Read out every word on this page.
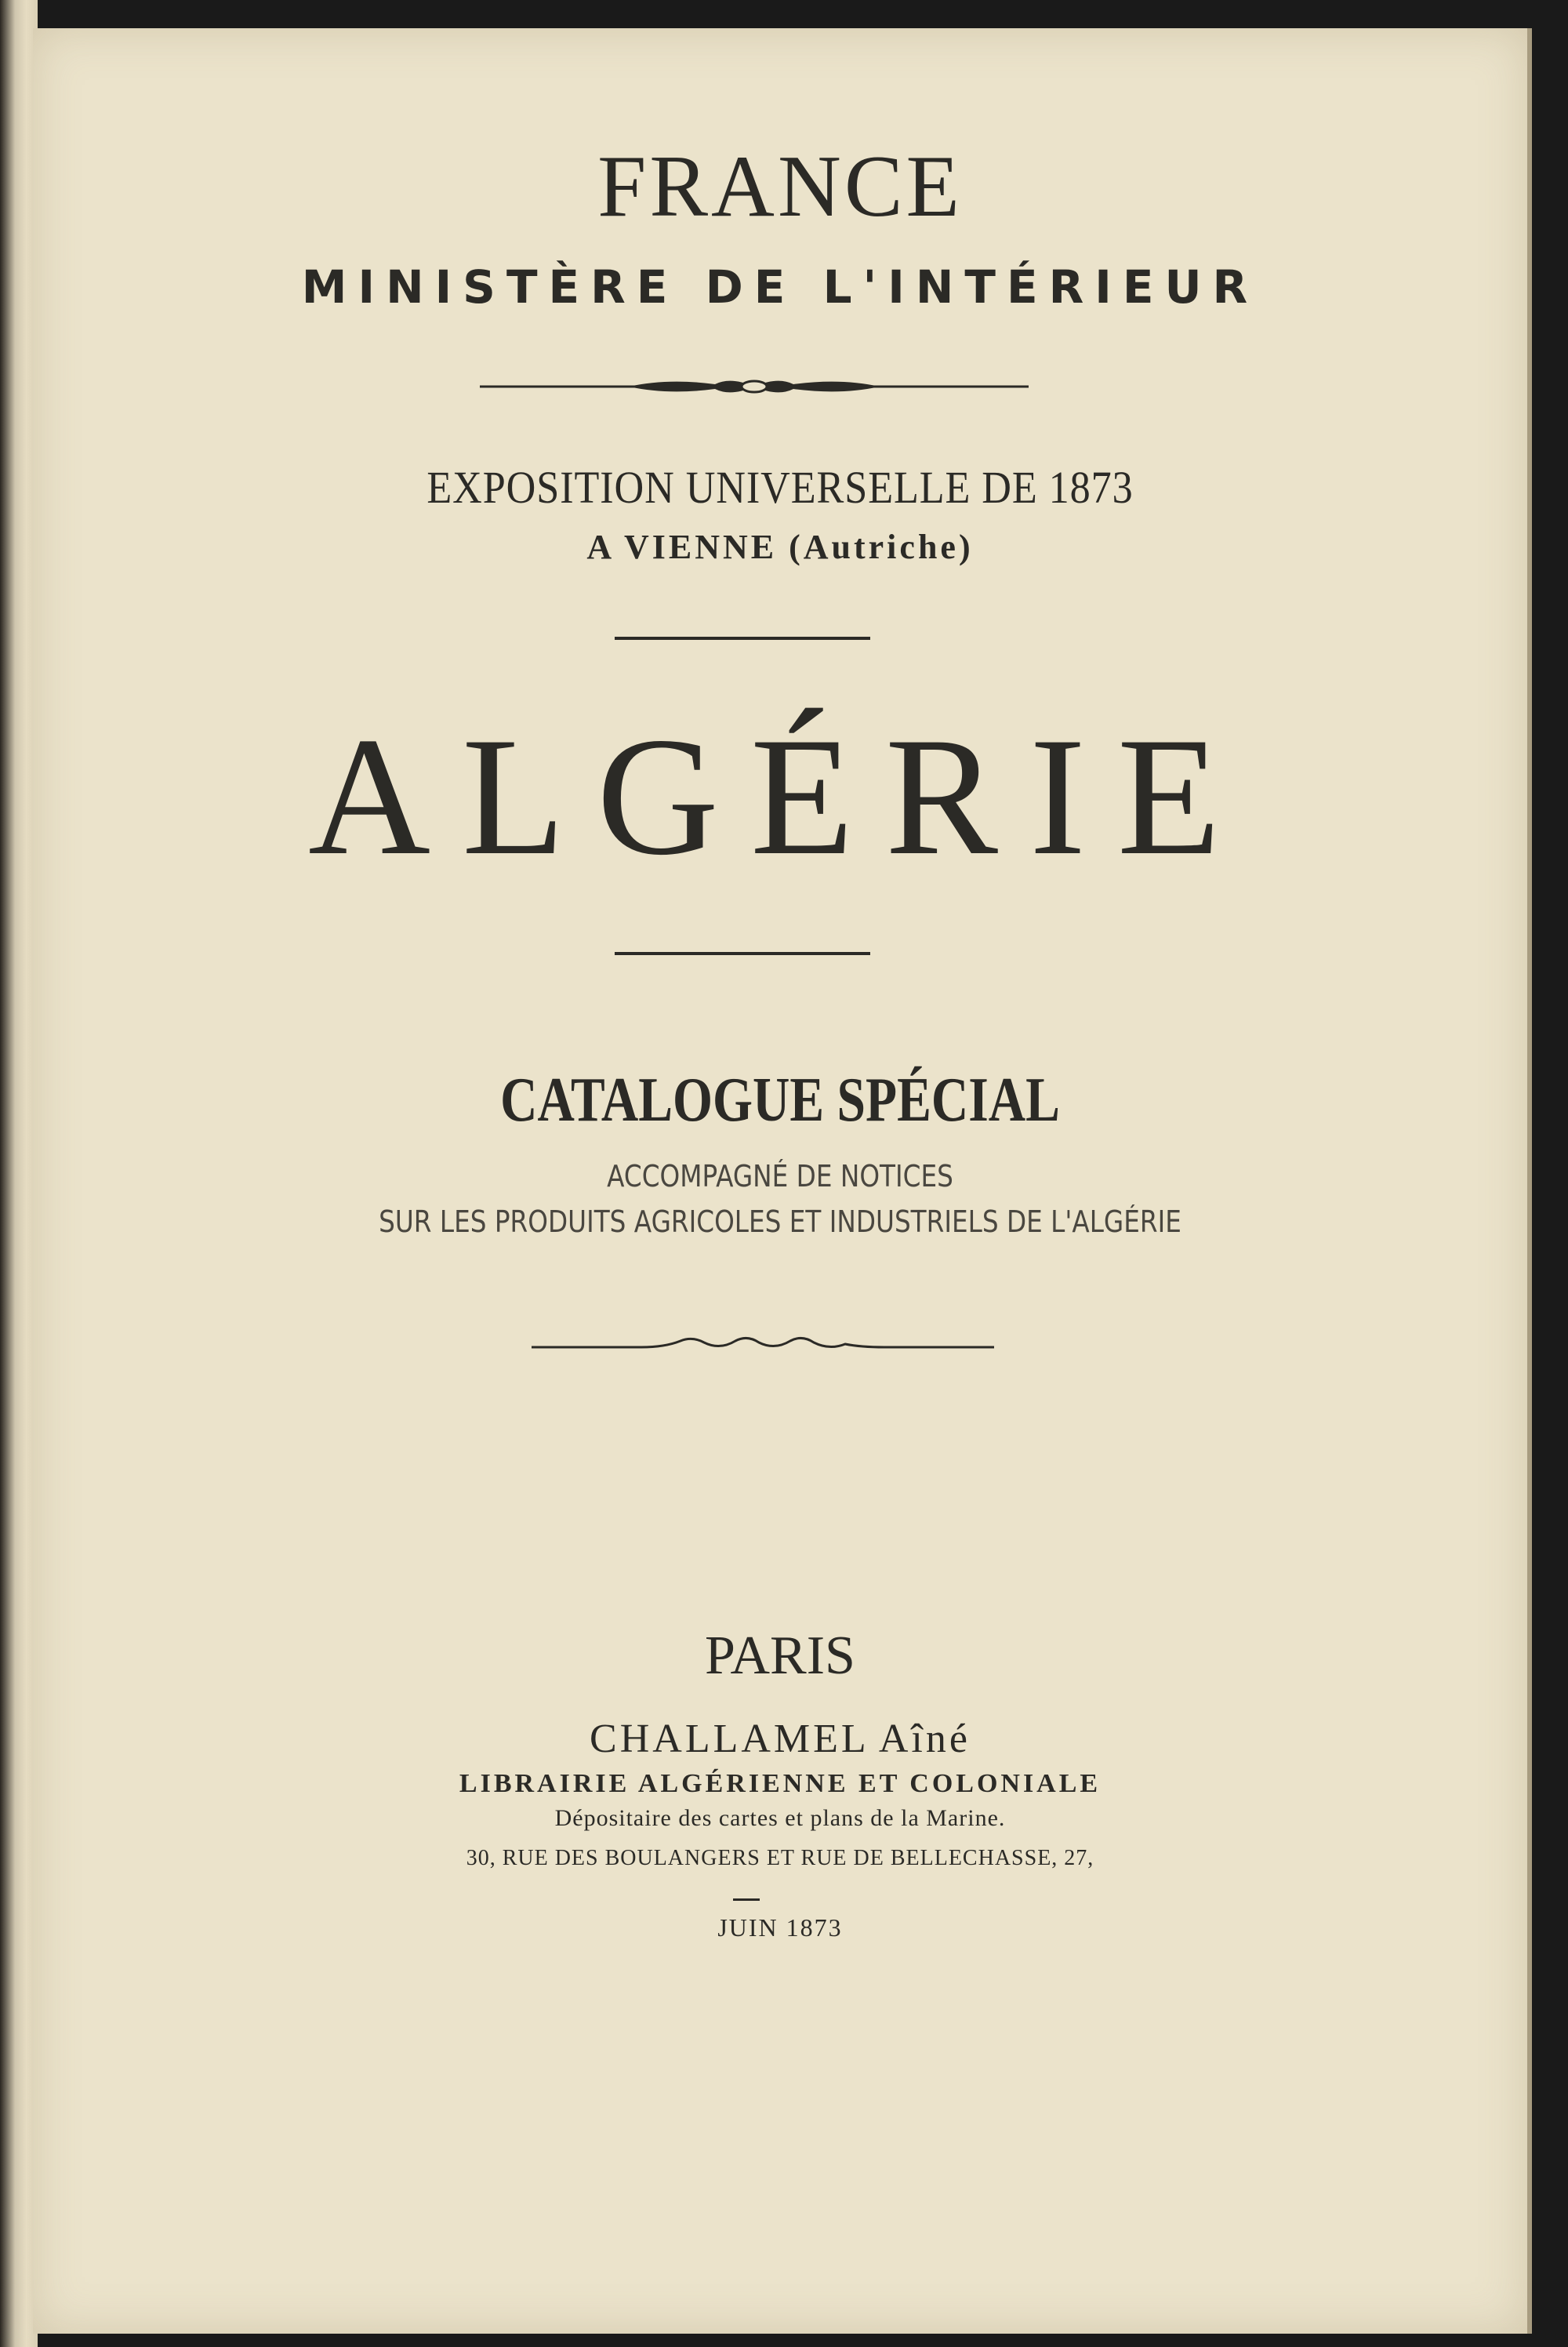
FRANCE
MINISTÈRE DE L'INTÉRIEUR
EXPOSITION UNIVERSELLE DE 1873
A VIENNE (Autriche)
ALGÉRIE
CATALOGUE SPÉCIAL
ACCOMPAGNÉ DE NOTICES
SUR LES PRODUITS AGRICOLES ET INDUSTRIELS DE L'ALGÉRIE
PARIS
CHALLAMEL Aîné
LIBRAIRIE ALGÉRIENNE ET COLONIALE
Dépositaire des cartes et plans de la Marine.
30, RUE DES BOULANGERS ET RUE DE BELLECHASSE, 27,
JUIN 1873
